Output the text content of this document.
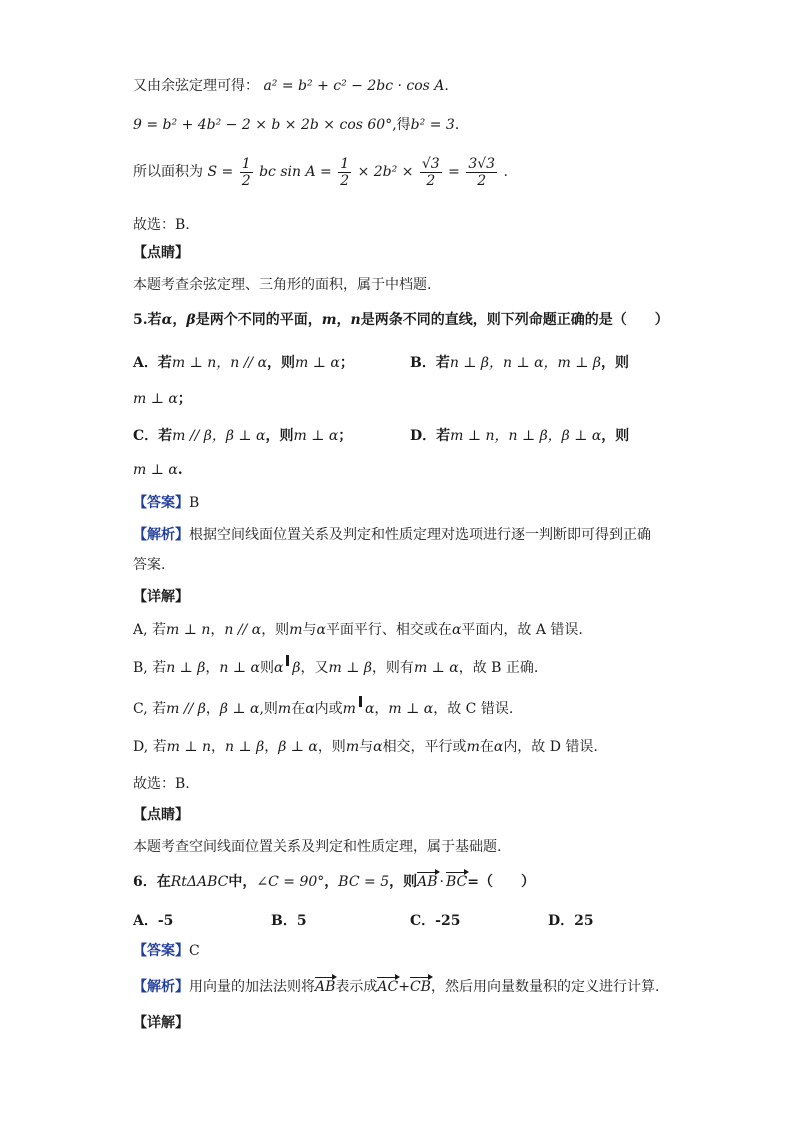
又由余弦定理可得： a² = b² + c² − 2bc · cos A.
9 = b² + 4b² − 2 × b × 2b × cos 60°,得b² = 3.
所以面积为 $S = \frac{1}{2}$ bc $\sin A = \frac{1}{2} \times 2b^2 \times \frac{√3}{2} = \frac{3√3}{2}$ .
故选：B.
【点睛】
本题考查余弦定理、三角形的面积，属于中档题.
5.若α，β是两个不同的平面，m，n是两条不同的直线，则下列命题正确的是（　　）
A．若m ⊥ n，n // α，则m ⊥ α；	B．若n ⊥ β，n ⊥ α，m ⊥ β，则
m ⊥ α；
C．若m // β，β ⊥ α，则m ⊥ α；	D．若m ⊥ n，n ⊥ β，β ⊥ α，则
m ⊥ α.
【答案】B
【解析】根据空间线面位置关系及判定和性质定理对选项进行逐一判断即可得到正确
答案.
【详解】
A, 若m ⊥ n，n // α，则m与α平面平行、相交或在α平面内，故 A 错误.
B, 若n ⊥ β，n ⊥ α则α β，又m ⊥ β，则有m ⊥ α，故 B 正确.
C, 若m // β，β ⊥ α,则m在α内或m α，m ⊥ α，故 C 错误.
D, 若m ⊥ n，n ⊥ β，β ⊥ α，则m与α相交，平行或m在α内，故 D 错误.
故选：B.
【点睛】
本题考查空间线面位置关系及判定和性质定理，属于基础题.
6．在RtΔABC中，∠C = 90°，BC = 5，则AB · BC=（　　）
A．-5	B．5	C．-25	D．25
【答案】C
【解析】用向量的加法法则将AB表示成AC+CB，然后用向量数量积的定义进行计算.
【详解】
